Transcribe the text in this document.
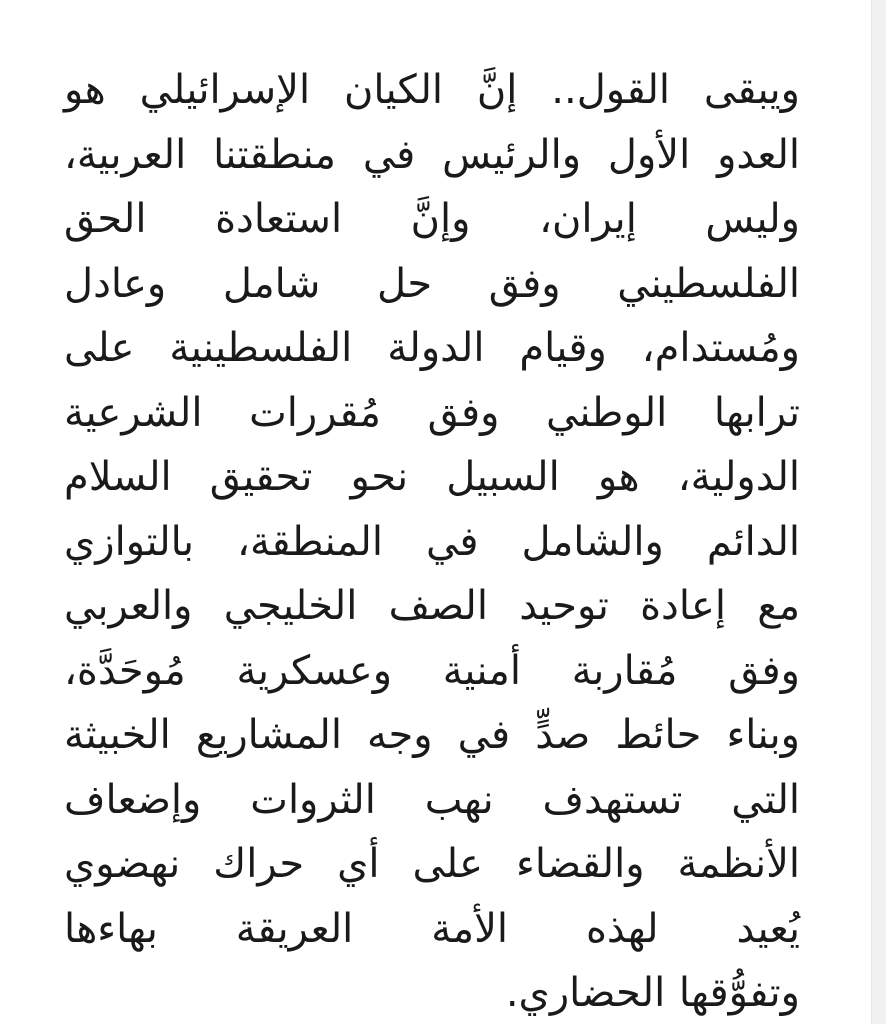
ويبقى القول.. إنَّ الكيان الإسرائيلي هو
العدو الأول والرئيس في منطقتنا العربية،
وليس إيران، وإنَّ استعادة الحق
الفلسطيني وفق حل شامل وعادل
ومُستدام، وقيام الدولة الفلسطينية على
ترابها الوطني وفق مُقررات الشرعية
الدولية، هو السبيل نحو تحقيق السلام
الدائم والشامل في المنطقة، بالتوازي
مع إعادة توحيد الصف الخليجي والعربي
وفق مُقاربة أمنية وعسكرية مُوحَدَّة،
وبناء حائط صدٍّ في وجه المشاريع الخبيثة
التي تستهدف نهب الثروات وإضعاف
الأنظمة والقضاء على أي حراك نهضوي
يُعيد لهذه الأمة العريقة بهاءها
وتفوُّقها الحضاري.
